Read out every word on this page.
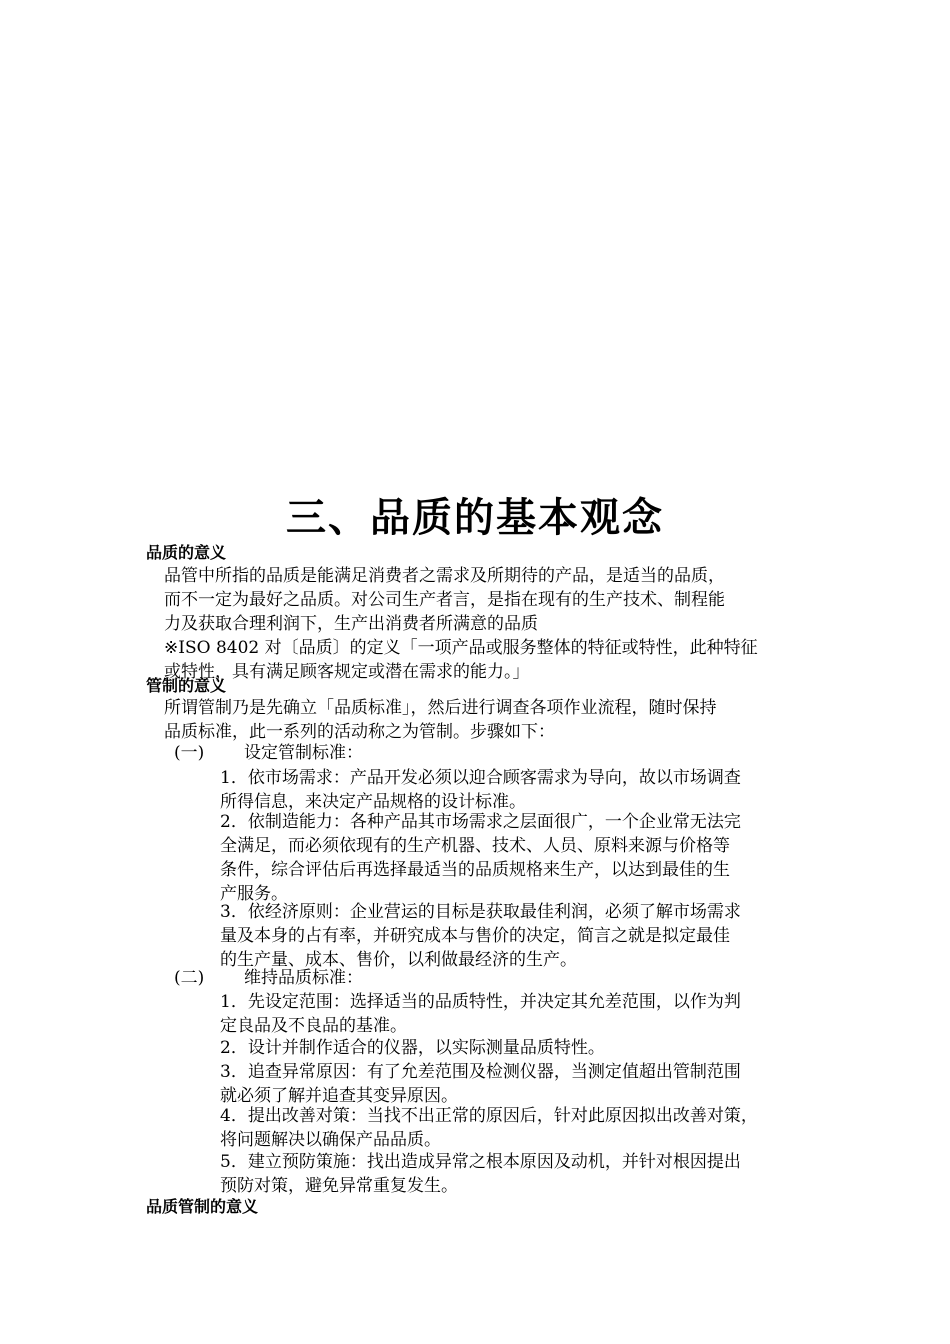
三、品质的基本观念
品质的意义

品管中所指的品质是能满足消费者之需求及所期待的产品，是适当的品质，

而不一定为最好之品质。对公司生产者言，是指在现有的生产技术、制程能

力及获取合理利润下，生产出消费者所满意的品质

※ISO 8402 对〔品质〕的定义「一项产品或服务整体的特征或特性，此种特征

或特性，具有满足顾客规定或潜在需求的能力。」

管制的意义

所谓管制乃是先确立「品质标准」，然后进行调查各项作业流程，随时保持

品质标准，此一系列的活动称之为管制。步骤如下：

(一) 设定管制标准：

1．依市场需求：产品开发必须以迎合顾客需求为导向，故以市场调查

所得信息，来决定产品规格的设计标准。

2．依制造能力：各种产品其市场需求之层面很广，一个企业常无法完

全满足，而必须依现有的生产机器、技术、人员、原料来源与价格等

条件，综合评估后再选择最适当的品质规格来生产，以达到最佳的生

产服务。

3．依经济原则：企业营运的目标是获取最佳利润，必须了解市场需求

量及本身的占有率，并研究成本与售价的决定，简言之就是拟定最佳

的生产量、成本、售价，以利做最经济的生产。

(二) 维持品质标准：

1．先设定范围：选择适当的品质特性，并决定其允差范围，以作为判

定良品及不良品的基准。

2．设计并制作适合的仪器，以实际测量品质特性。

3．追查异常原因：有了允差范围及检测仪器，当测定值超出管制范围

就必须了解并追查其变异原因。

4．提出改善对策：当找不出正常的原因后，针对此原因拟出改善对策，

将问题解决以确保产品品质。

5．建立预防策施：找出造成异常之根本原因及动机，并针对根因提出

预防对策，避免异常重复发生。

品质管制的意义
